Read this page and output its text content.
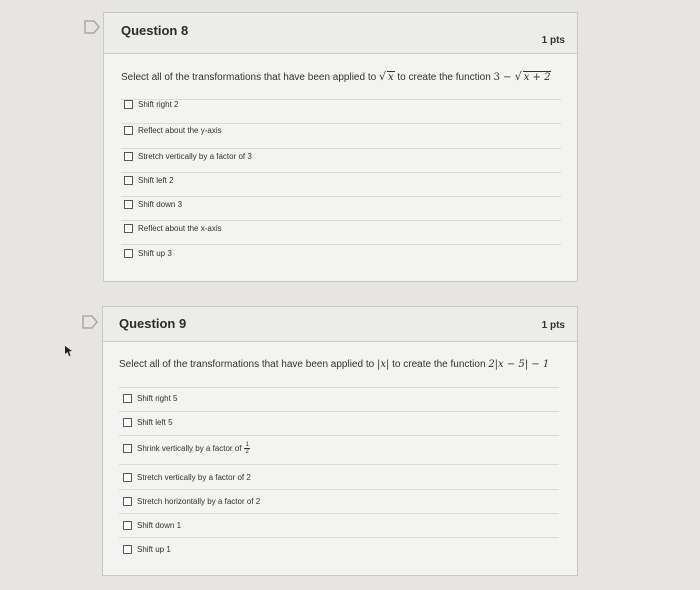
Question 8
1 pts
Select all of the transformations that have been applied to √ x to create the function 3 − √ x + 2
Shift right 2
Reflect about the y-axis
Stretch vertically by a factor of 3
Shift left 2
Shift down 3
Reflect about the x-axis
Shift up 3
Question 9	1 pts
Select all of the transformations that have been applied to |x| to create the function 2|x − 5| − 1
Shift right 5
Shift left 5
Shrink vertically by a factor of $\frac{1}{2}$
Stretch vertically by a factor of 2
Stretch horizontally by a factor of 2
Shift down 1
Shift up 1
